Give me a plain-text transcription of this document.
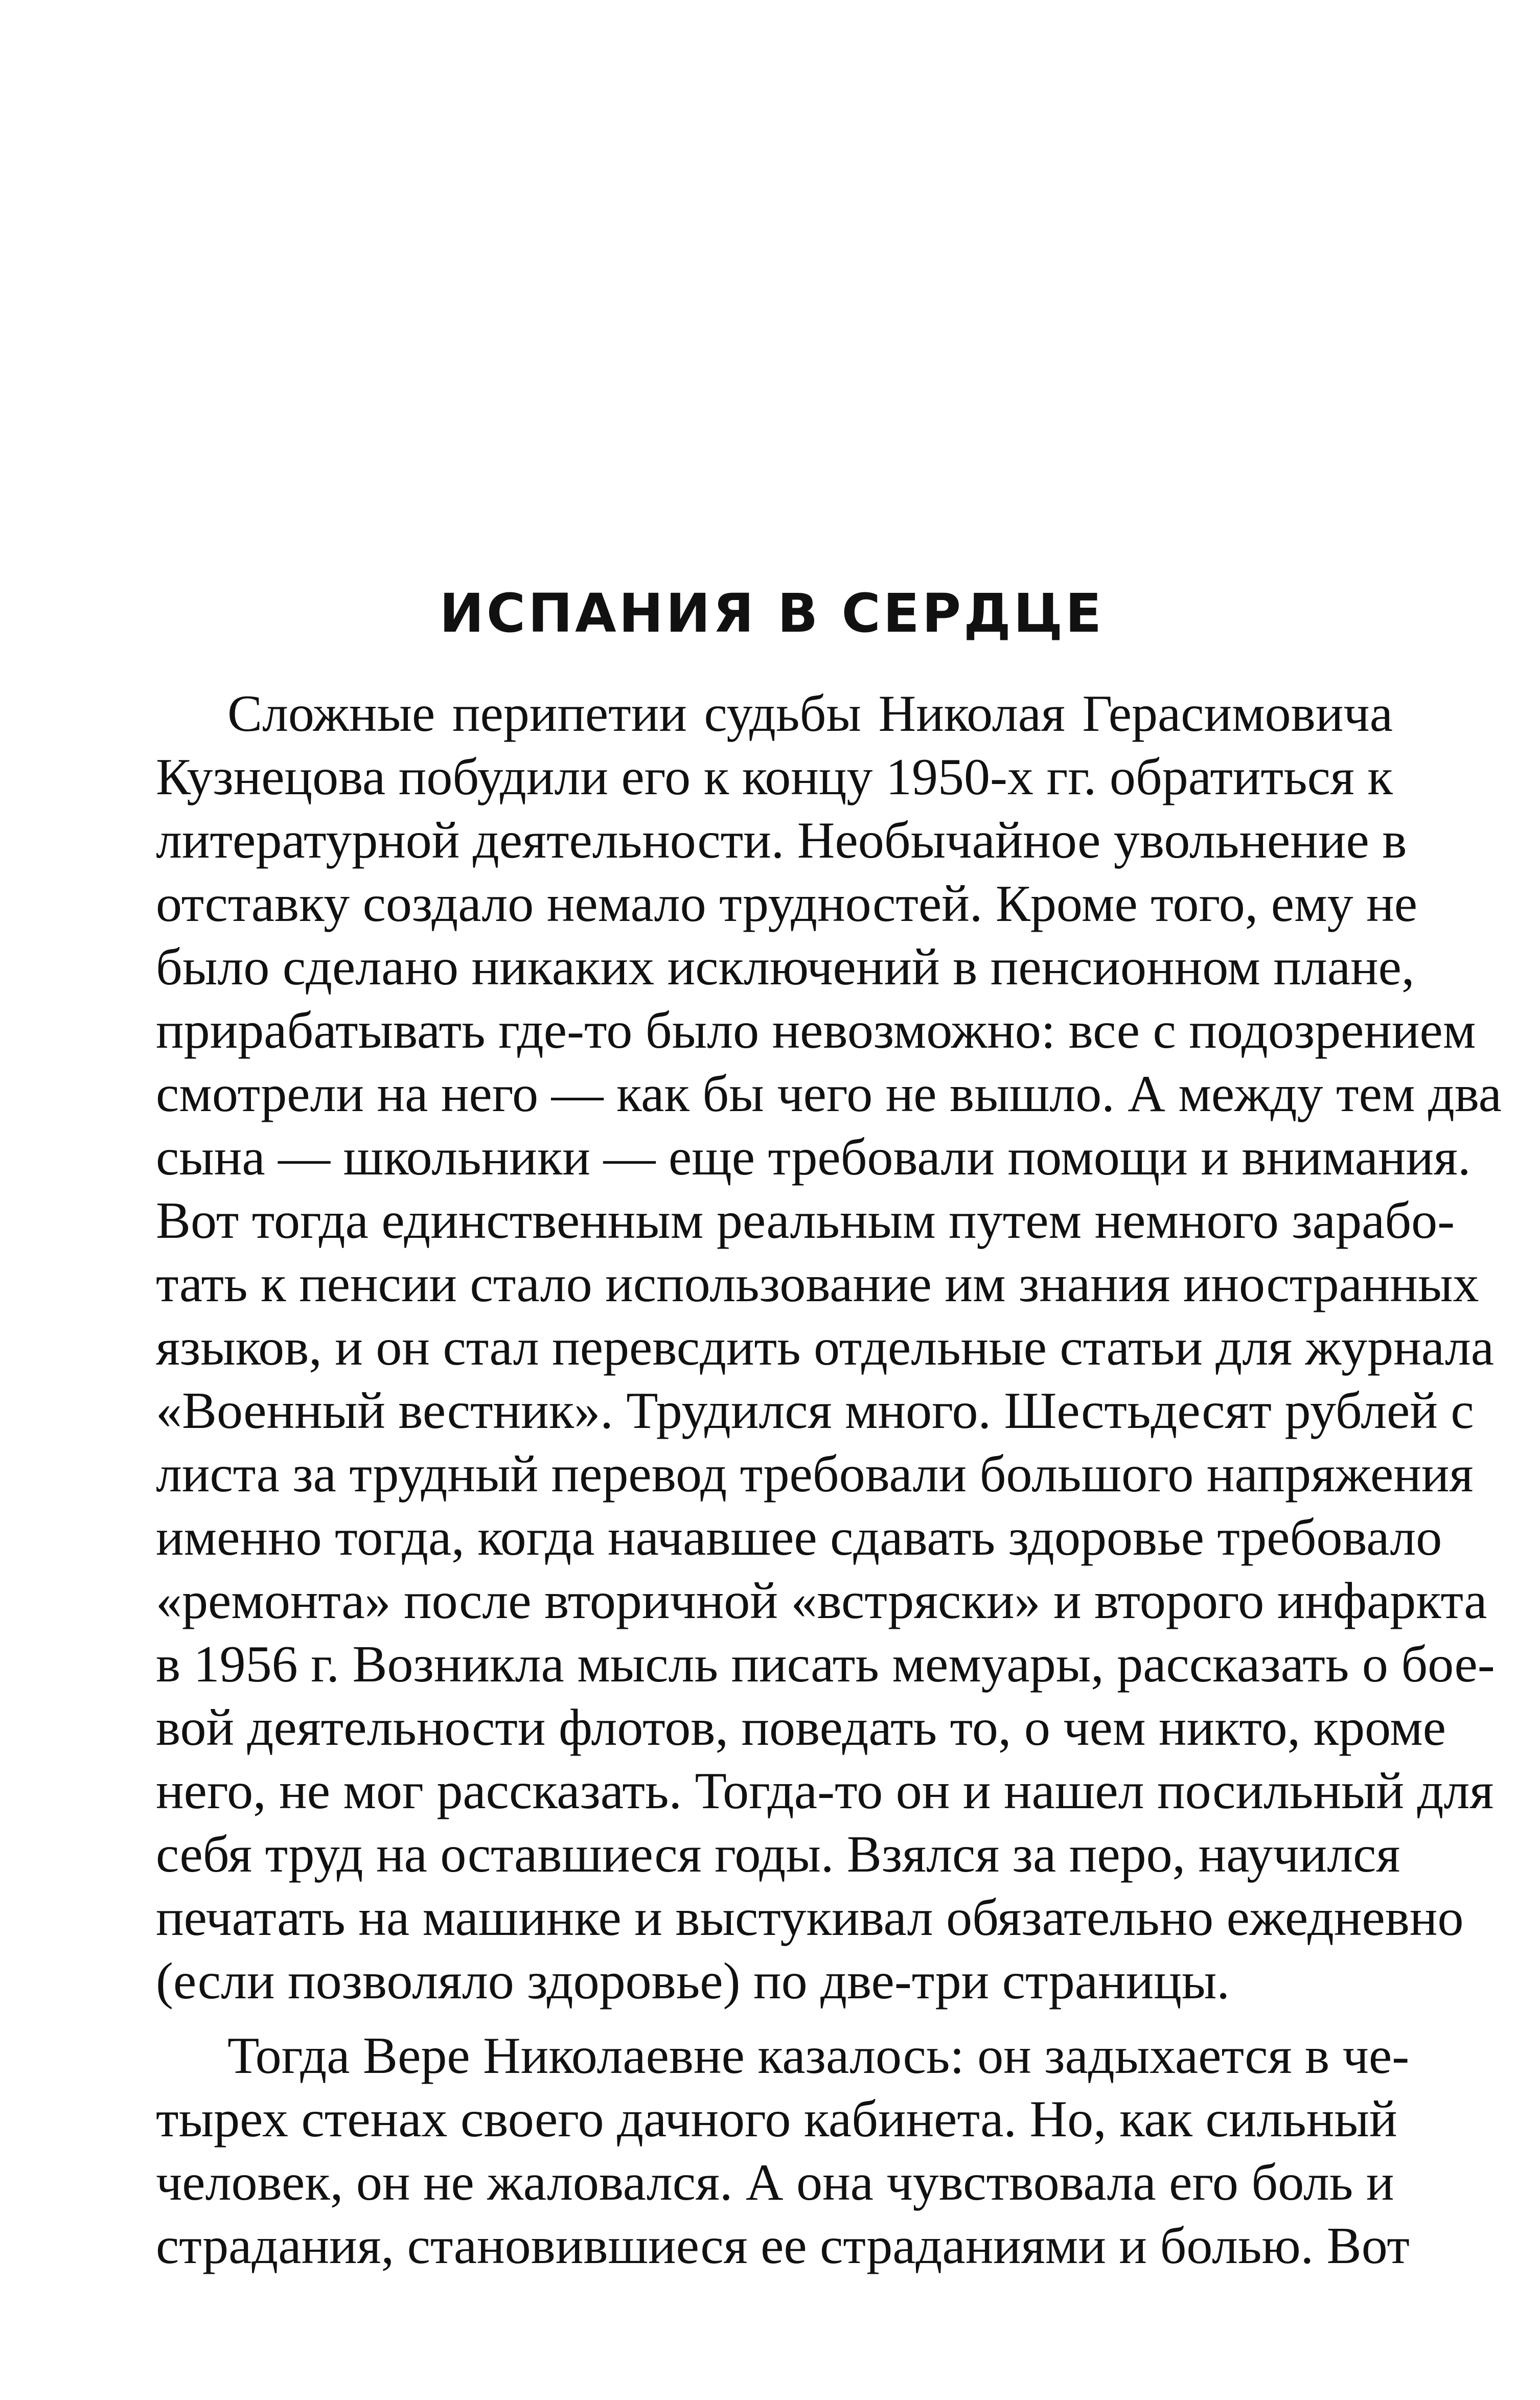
ИСПАНИЯ В СЕРДЦЕ
Сложные перипетии судьбы Николая Герасимовича
Кузнецова побудили его к концу 1950-х гг. обратиться к
литературной деятельности. Необычайное увольнение в
отставку создало немало трудностей. Кроме того, ему не
было сделано никаких исключений в пенсионном плане,
прирабатывать где-то было невозможно: все с подозрением
смотрели на него — как бы чего не вышло. А между тем два
сына — школьники — еще требовали помощи и внимания.
Вот тогда единственным реальным путем немного зарабо-
тать к пенсии стало использование им знания иностранных
языков, и он стал перевсдить отдельные статьи для журнала
«Военный вестник». Трудился много. Шестьдесят рублей с
листа за трудный перевод требовали большого напряжения
именно тогда, когда начавшее сдавать здоровье требовало
«ремонта» после вторичной «встряски» и второго инфаркта
в 1956 г. Возникла мысль писать мемуары, рассказать о бое-
вой деятельности флотов, поведать то, о чем никто, кроме
него, не мог рассказать. Тогда-то он и нашел посильный для
себя труд на оставшиеся годы. Взялся за перо, научился
печатать на машинке и выстукивал обязательно ежедневно
(если позволяло здоровье) по две-три страницы.
Тогда Вере Николаевне казалось: он задыхается в че-
тырех стенах своего дачного кабинета. Но, как сильный
человек, он не жаловался. А она чувствовала его боль и
страдания, становившиеся ее страданиями и болью. Вот
